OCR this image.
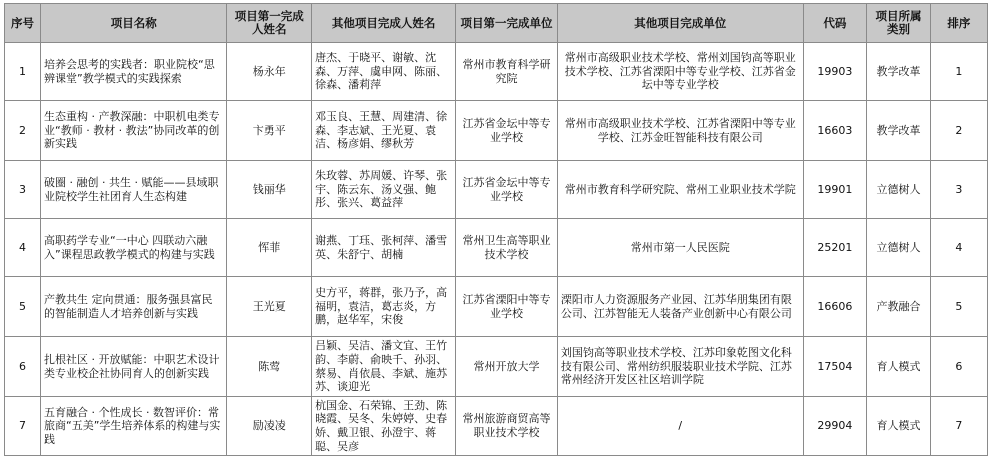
序号	项目名称	项目第一完成人姓名	其他项目完成人姓名	项目第一完成单位	其他项目完成单位	代码	项目所属类别	排序
1	培养会思考的实践者：职业院校“思辨课堂”教学模式的实践探索	杨永年	唐杰、于晓平、谢敏、沈森、万萍、虞申网、陈丽、徐森、潘莉萍	常州市教育科学研究院	常州市高级职业技术学校、常州刘国钧高等职业技术学校、江苏省溧阳中等专业学校、江苏省金坛中等专业学校	19903	教学改革	1
2	生态重构 · 产教深融：中职机电类专业“教师 · 教材 · 教法”协同改革的创新实践	卞勇平	邓玉良、王慧、周建清、徐森、李志斌、王光夏、袁洁、杨彦娟、缪秋芳	江苏省金坛中等专业学校	常州市高级职业技术学校、江苏省溧阳中等专业学校、江苏金旺智能科技有限公司	16603	教学改革	2
3	破圈 · 融创 · 共生 · 赋能——县域职业院校学生社团育人生态构建	钱丽华	朱玫蓉、苏周媛、许琴、张宇、陈云东、汤义强、鲍彤、张兴、葛益萍	江苏省金坛中等专业学校	常州市教育科学研究院、常州工业职业技术学院	19901	立德树人	3
4	高职药学专业“一中心 四联动六融入”课程思政教学模式的构建与实践	恽菲	谢燕、丁珏、张柯萍、潘雪英、朱舒宁、胡楠	常州卫生高等职业技术学校	常州市第一人民医院	25201	立德树人	4
5	产教共生 定向贯通：服务强县富民的智能制造人才培养创新与实践	王光夏	史方平，蒋群，张乃予，高福明，袁洁，葛志炎，方鹏，赵华军，宋俊	江苏省溧阳中等专业学校	溧阳市人力资源服务产业园、江苏华朋集团有限公司、江苏智能无人装备产业创新中心有限公司	16606	产教融合	5
6	扎根社区 · 开放赋能：中职艺术设计类专业校企社协同育人的创新实践	陈莺	吕颖、吴洁、潘文宜、王竹韵、李蔚、俞映千、孙羽、蔡易、肖依晨、李斌、施苏苏、谈迎光	常州开放大学	刘国钧高等职业技术学校、江苏印象乾图文化科技有限公司、常州纺织服装职业技术学院、江苏常州经济开发区社区培训学院	17504	育人模式	6
7	五育融合 · 个性成长 · 数智评价：常旅商“五美”学生培养体系的构建与实践	励凌凌	杭国金、石荣锦、王劲、陈晓霞、吴冬、朱婷婷、史春娇、戴卫银、孙澄宇、蒋聪、吴彦	常州旅游商贸高等职业技术学校	/	29904	育人模式	7
